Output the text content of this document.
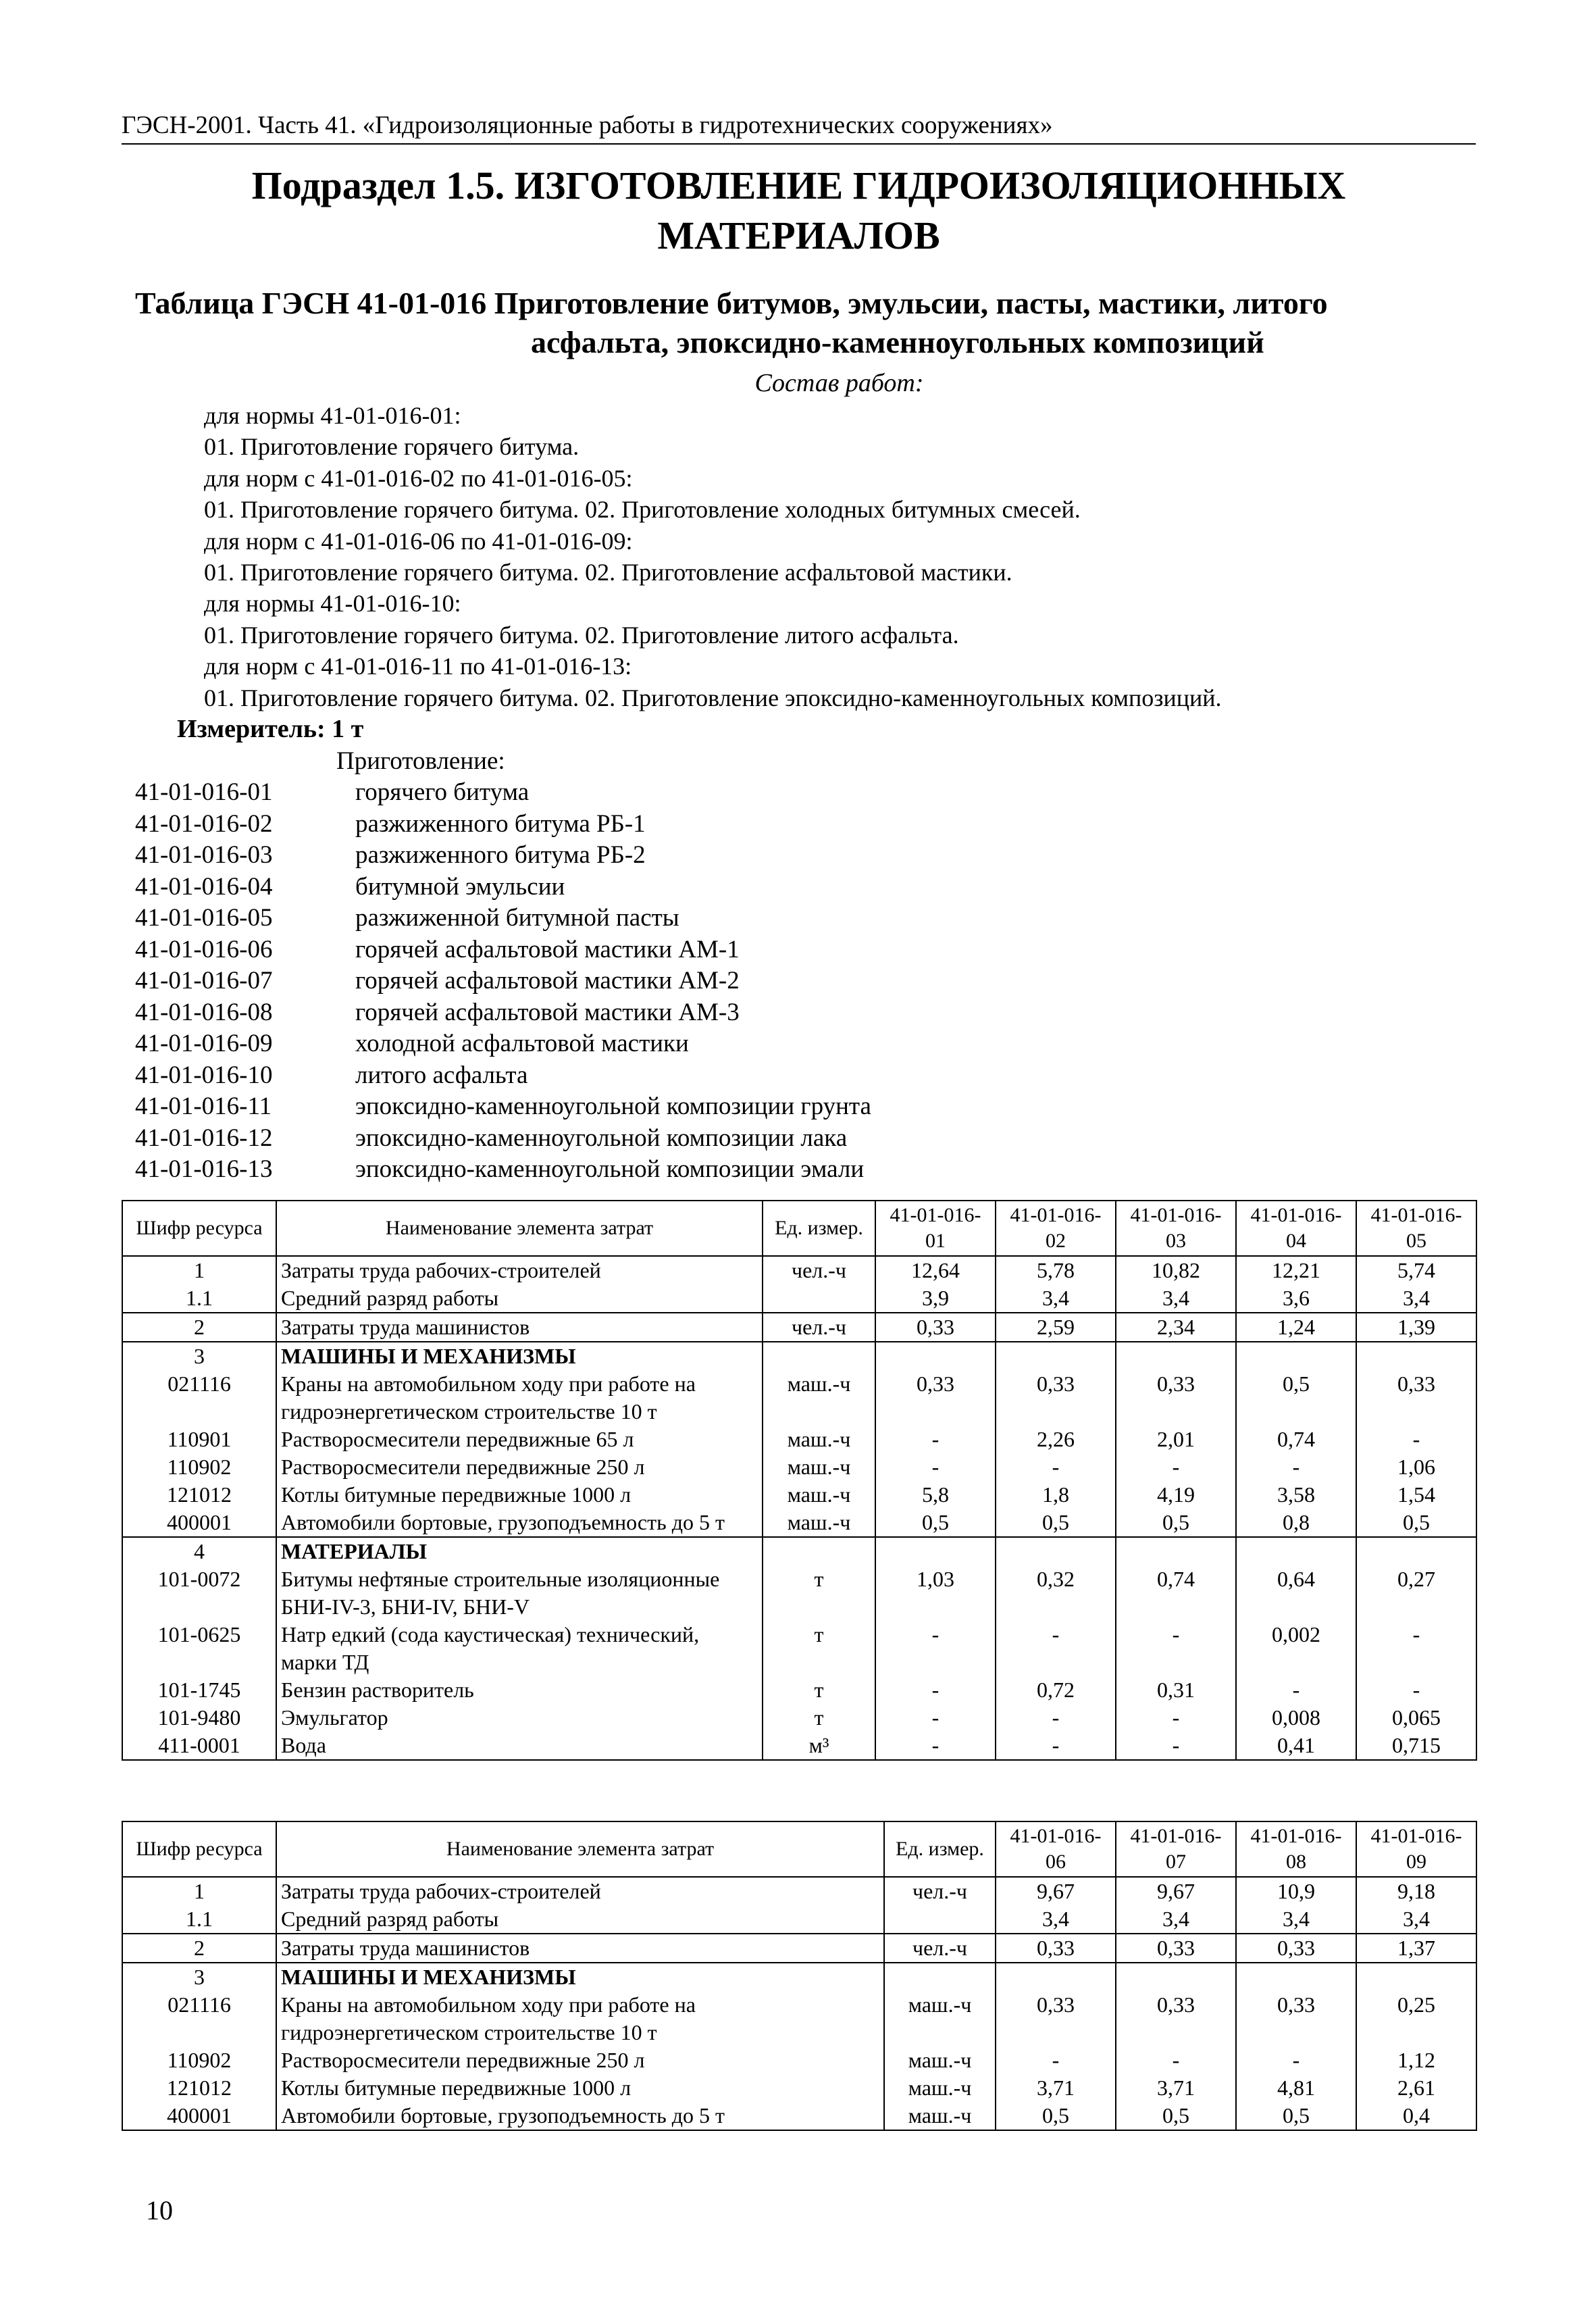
ГЭСН-2001. Часть 41. «Гидроизоляционные работы в гидротехнических сооружениях»
Подраздел 1.5. ИЗГОТОВЛЕНИЕ ГИДРОИЗОЛЯЦИОННЫХ
МАТЕРИАЛОВ
Таблица ГЭСН 41-01-016 Приготовление битумов, эмульсии, пасты, мастики, литого
асфальта, эпоксидно-каменноугольных композиций
Состав работ:
для нормы 41-01-016-01:
01. Приготовление горячего битума.
для норм с 41-01-016-02 по 41-01-016-05:
01. Приготовление горячего битума. 02. Приготовление холодных битумных смесей.
для норм с 41-01-016-06 по 41-01-016-09:
01. Приготовление горячего битума. 02. Приготовление асфальтовой мастики.
для нормы 41-01-016-10:
01. Приготовление горячего битума. 02. Приготовление литого асфальта.
для норм с 41-01-016-11 по 41-01-016-13:
01. Приготовление горячего битума. 02. Приготовление эпоксидно-каменноугольных композиций.
Измеритель: 1 т
Приготовление:
41-01-016-01	горячего битума
41-01-016-02	разжиженного битума РБ-1
41-01-016-03	разжиженного битума РБ-2
41-01-016-04	битумной эмульсии
41-01-016-05	разжиженной битумной пасты
41-01-016-06	горячей асфальтовой мастики АМ-1
41-01-016-07	горячей асфальтовой мастики АМ-2
41-01-016-08	горячей асфальтовой мастики АМ-3
41-01-016-09	холодной асфальтовой мастики
41-01-016-10	литого асфальта
41-01-016-11	эпоксидно-каменноугольной композиции грунта
41-01-016-12	эпоксидно-каменноугольной композиции лака
41-01-016-13	эпоксидно-каменноугольной композиции эмали
Шифр ресурса	Наименование элемента затрат	Ед. измер.	41-01-016-01	41-01-016-02	41-01-016-03	41-01-016-04	41-01-016-05
1	Затраты труда рабочих-строителей	чел.-ч	12,64	5,78	10,82	12,21	5,74
1.1	Средний разряд работы		3,9	3,4	3,4	3,6	3,4
2	Затраты труда машинистов	чел.-ч	0,33	2,59	2,34	1,24	1,39
3	МАШИНЫ И МЕХАНИЗМЫ						
021116	Краны на автомобильном ходу при работе на гидроэнергетическом строительстве 10 т	маш.-ч	0,33	0,33	0,33	0,5	0,33
110901	Растворосмесители передвижные 65 л	маш.-ч	-	2,26	2,01	0,74	-
110902	Растворосмесители передвижные 250 л	маш.-ч	-	-	-	-	1,06
121012	Котлы битумные передвижные 1000 л	маш.-ч	5,8	1,8	4,19	3,58	1,54
400001	Автомобили бортовые, грузоподъемность до 5 т	маш.-ч	0,5	0,5	0,5	0,8	0,5
4	МАТЕРИАЛЫ						
101-0072	Битумы нефтяные строительные изоляционные БНИ-IV-3, БНИ-IV, БНИ-V	т	1,03	0,32	0,74	0,64	0,27
101-0625	Натр едкий (сода каустическая) технический, марки ТД	т	-	-	-	0,002	-
101-1745	Бензин растворитель	т	-	0,72	0,31	-	-
101-9480	Эмульгатор	т	-	-	-	0,008	0,065
411-0001	Вода	м³	-	-	-	0,41	0,715
Шифр ресурса	Наименование элемента затрат	Ед. измер.	41-01-016-06	41-01-016-07	41-01-016-08	41-01-016-09
1	Затраты труда рабочих-строителей	чел.-ч	9,67	9,67	10,9	9,18
1.1	Средний разряд работы		3,4	3,4	3,4	3,4
2	Затраты труда машинистов	чел.-ч	0,33	0,33	0,33	1,37
3	МАШИНЫ И МЕХАНИЗМЫ					
021116	Краны на автомобильном ходу при работе на гидроэнергетическом строительстве 10 т	маш.-ч	0,33	0,33	0,33	0,25
110902	Растворосмесители передвижные 250 л	маш.-ч	-	-	-	1,12
121012	Котлы битумные передвижные 1000 л	маш.-ч	3,71	3,71	4,81	2,61
400001	Автомобили бортовые, грузоподъемность до 5 т	маш.-ч	0,5	0,5	0,5	0,4
10
